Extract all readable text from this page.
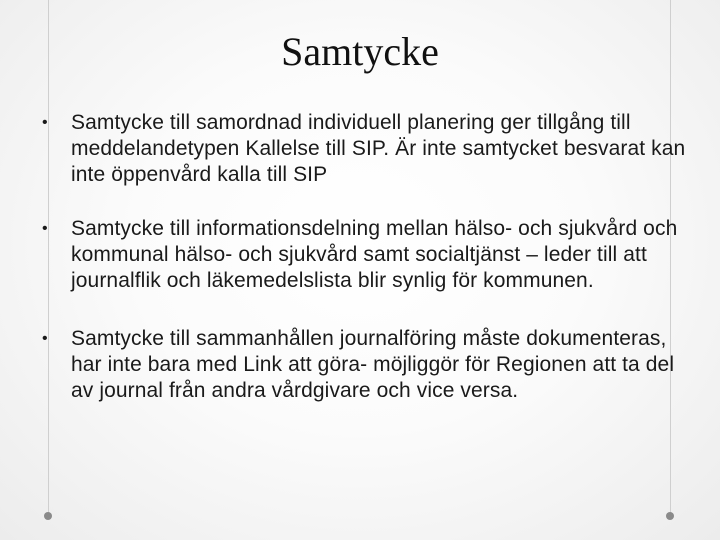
Samtycke
• Samtycke till samordnad individuell planering ger tillgång till meddelandetypen Kallelse till SIP. Är inte samtycket besvarat kan inte öppenvård kalla till SIP
• Samtycke till informationsdelning mellan hälso- och sjukvård och kommunal hälso- och sjukvård samt socialtjänst – leder till att journalflik och läkemedelslista blir synlig för kommunen.
• Samtycke till sammanhållen journalföring måste dokumenteras, har inte bara med Link att göra- möjliggör för Regionen att ta del av journal från andra vårdgivare och vice versa.
